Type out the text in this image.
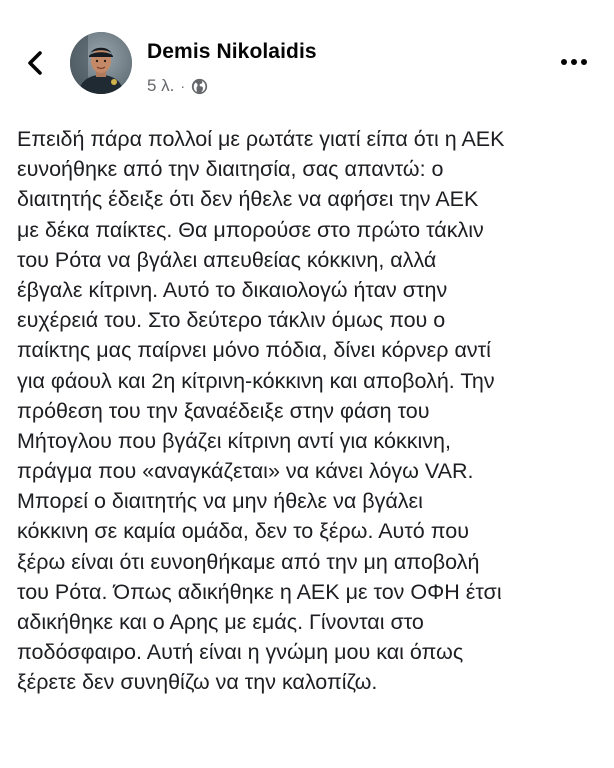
Demis Nikolaidis
5 λ. ·
Επειδή πάρα πολλοί με ρωτάτε γιατί είπα ότι η ΑΕΚ
ευνοήθηκε από την διαιτησία, σας απαντώ: ο
διαιτητής έδειξε ότι δεν ήθελε να αφήσει την ΑΕΚ
με δέκα παίκτες. Θα μπορούσε στο πρώτο τάκλιν
του Ρότα να βγάλει απευθείας κόκκινη, αλλά
έβγαλε κίτρινη. Αυτό το δικαιολογώ ήταν στην
ευχέρειά του. Στο δεύτερο τάκλιν όμως που ο
παίκτης μας παίρνει μόνο πόδια, δίνει κόρνερ αντί
για φάουλ και 2η κίτρινη-κόκκινη και αποβολή. Την
πρόθεση του την ξαναέδειξε στην φάση του
Μήτογλου που βγάζει κίτρινη αντί για κόκκινη,
πράγμα που «αναγκάζεται» να κάνει λόγω VAR.
Μπορεί ο διαιτητής να μην ήθελε να βγάλει
κόκκινη σε καμία ομάδα, δεν το ξέρω. Αυτό που
ξέρω είναι ότι ευνοηθήκαμε από την μη αποβολή
του Ρότα. Όπως αδικήθηκε η ΑΕΚ με τον ΟΦΗ έτσι
αδικήθηκε και ο Αρης με εμάς. Γίνονται στο
ποδόσφαιρο. Αυτή είναι η γνώμη μου και όπως
ξέρετε δεν συνηθίζω να την καλοπίζω.
